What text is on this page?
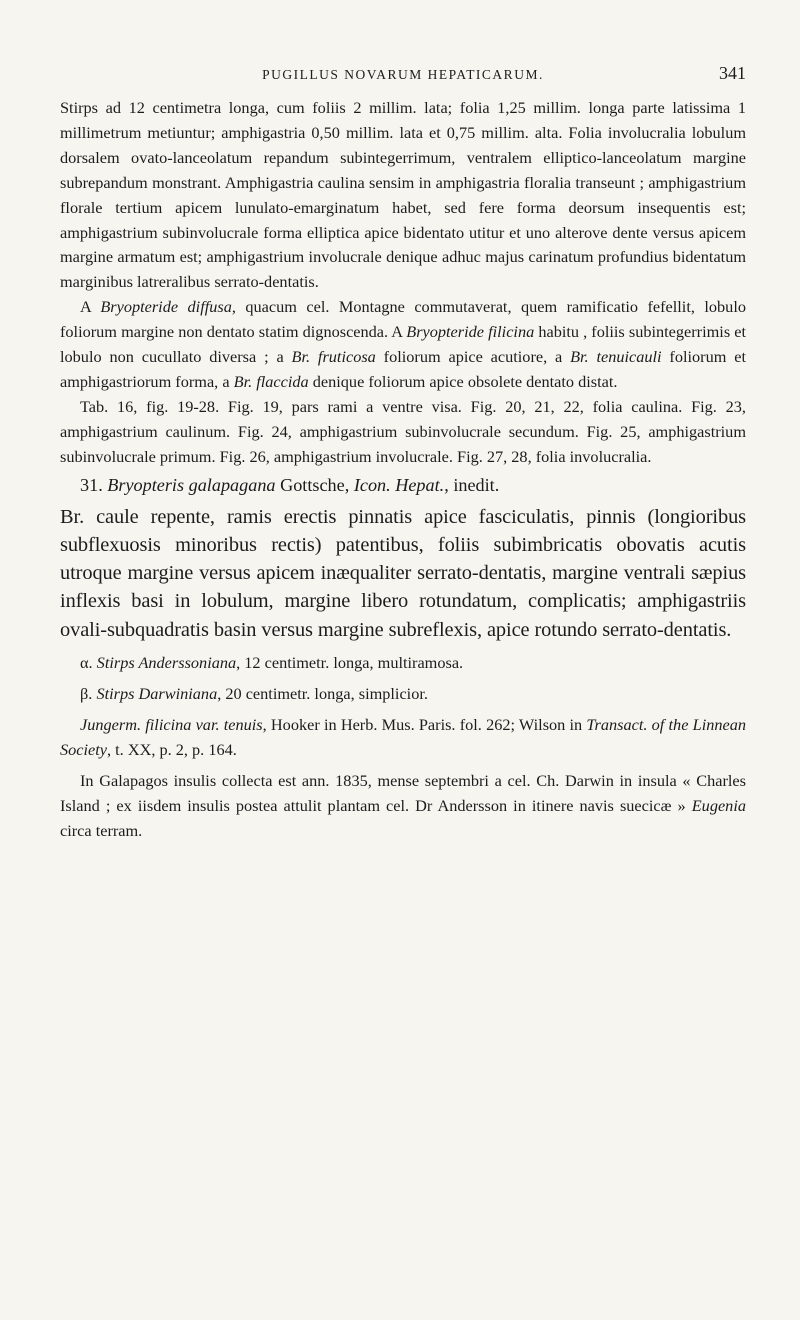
PUGILLUS NOVARUM HEPATICARUM.	341

Stirps ad 12 centimetra longa, cum foliis 2 millim. lata; folia 1,25 millim. longa parte latissima 1 millimetrum metiuntur; amphigastria 0,50 millim. lata et 0,75 millim. alta. Folia involucralia lobulum dorsalem ovato-lanceolatum repandum subintegerrimum, ventralem elliptico-lanceolatum margine subrepandum monstrant. Amphigastria caulina sensim in amphigastria floralia transeunt ; amphigastrium florale tertium apicem lunulato-emarginatum habet, sed fere forma deorsum insequentis est; amphigastrium subinvolucrale forma elliptica apice bidentato utitur et uno alterove dente versus apicem margine armatum est; amphigastrium involucrale denique adhuc majus carinatum profundius bidentatum marginibus latreralibus serrato-dentatis.

A Bryopteride diffusa, quacum cel. Montagne commutaverat, quem ramificatio fefellit, lobulo foliorum margine non dentato statim dignoscenda. A Bryopteride filicina habitu , foliis subintegerrimis et lobulo non cucullato diversa ; a Br. fruticosa foliorum apice acutiore, a Br. tenuicauli foliorum et amphigastriorum forma, a Br. flaccida denique foliorum apice obsolete dentato distat.

Tab. 16, fig. 19-28. Fig. 19, pars rami a ventre visa. Fig. 20, 21, 22, folia caulina. Fig. 23, amphigastrium caulinum. Fig. 24, amphigastrium subinvolucrale secundum. Fig. 25, amphigastrium subinvolucrale primum. Fig. 26, amphigastrium involucrale. Fig. 27, 28, folia involucralia.

31. Bryopteris galapagana Gottsche, Icon. Hepat., inedit.

Br. caule repente, ramis erectis pinnatis apice fasciculatis, pinnis (longioribus subflexuosis minoribus rectis) patentibus, foliis subimbricatis obovatis acutis utroque margine versus apicem inæqualiter serrato-dentatis, margine ventrali sæpius inflexis basi in lobulum, margine libero rotundatum, complicatis; amphigastriis ovali-subquadratis basin versus margine subreflexis, apice rotundo serrato-dentatis.

α. Stirps Anderssoniana, 12 centimetr. longa, multiramosa.

β. Stirps Darwiniana, 20 centimetr. longa, simplicior.

Jungerm. filicina var. tenuis, Hooker in Herb. Mus. Paris. fol. 262; Wilson in Transact. of the Linnean Society, t. XX, p. 2, p. 164.

In Galapagos insulis collecta est ann. 1835, mense septembri a cel. Ch. Darwin in insula « Charles Island ; ex iisdem insulis postea attulit plantam cel. Dr Andersson in itinere navis suecicæ » Eugenia circa terram.
